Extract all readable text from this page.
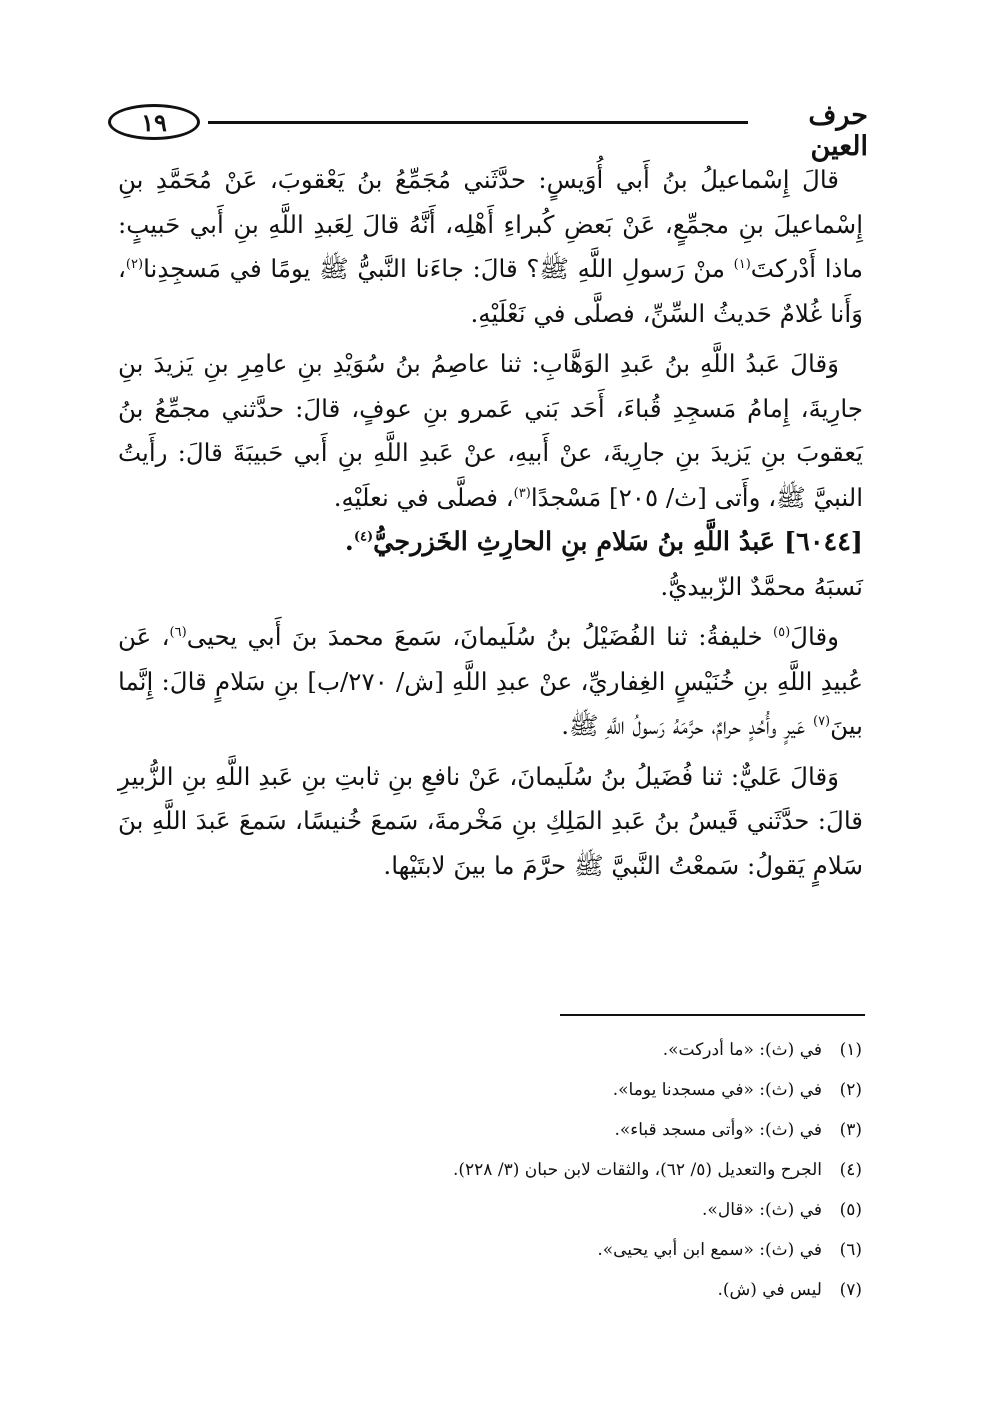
١٩	حرف العين

قالَ إِسْماعيلُ بنُ أَبي أُوَيسٍ: حدَّثَني مُجَمِّعُ بنُ يَعْقوبَ، عَنْ مُحَمَّدِ بنِ إِسْماعيلَ بنِ مجمِّعٍ، عَنْ بَعضِ كُبراءِ أَهْلِه، أَنَّهُ قالَ لِعَبدِ اللَّهِ بنِ أَبي حَبيبٍ: ماذا أَدْركتَ$^{(١)}$ منْ رَسولِ اللَّهِ ﷺ؟ قالَ: جاءَنا النَّبيُّ ﷺ يومًا في مَسجِدِنا$^{(٢)}$، وَأَنا غُلامٌ حَديثُ السِّنِّ، فصلَّى في نَعْلَيْهِ.

وَقالَ عَبدُ اللَّهِ بنُ عَبدِ الوَهَّابِ: ثنا عاصِمُ بنُ سُوَيْدِ بنِ عامِرِ بنِ يَزيدَ بنِ جارِيةَ، إِمامُ مَسجِدِ قُباءَ، أَحَد بَني عَمرو بنِ عوفٍ، قالَ: حدَّثني مجمِّعُ بنُ يَعقوبَ بنِ يَزيدَ بنِ جارِيةَ، عنْ أَبيهِ، عنْ عَبدِ اللَّهِ بنِ أَبي حَبيبَةَ قالَ: رأَيتُ النبيَّ ﷺ، وأَتى [ث/ ٢٠٥] مَسْجدًا$^{(٣)}$، فصلَّى في نعلَيْهِ.

[٦٠٤٤] عَبدُ اللَّهِ بنُ سَلامِ بنِ الحارِثِ الخَزرجيُّ$^{(٤)}$.

نَسبَهُ محمَّدٌ الزّبيديُّ.

وقالَ$^{(٥)}$ خليفةُ: ثنا الفُضَيْلُ بنُ سُلَيمانَ، سَمعَ محمدَ بنَ أَبي يحيى$^{(٦)}$، عَن عُبيدِ اللَّهِ بنِ خُنَيْسٍ الغِفاريِّ، عنْ عبدِ اللَّهِ [ش/ ٢٧٠/ب] بنِ سَلامٍ قالَ: إِنَّما بينَ$^{(٧)}$ عَيرٍ وأُحُدٍ حرامٌ، حرَّمَهُ رَسولُ اللَّهِ ﷺ.

وَقالَ عَليٌّ: ثنا فُضَيلُ بنُ سُلَيمانَ، عَنْ نافعِ بنِ ثابتِ بنِ عَبدِ اللَّهِ بنِ الزُّبيرِ قالَ: حدَّثَني قَيسُ بنُ عَبدِ المَلِكِ بنِ مَخْرمةَ، سَمعَ خُنيسًا، سَمعَ عَبدَ اللَّهِ بنَ سَلامٍ يَقولُ: سَمعْتُ النَّبيَّ ﷺ حرَّمَ ما بينَ لابتَيْها.

(١)
في (ث): «ما أدركت».
(٢)
في (ث): «في مسجدنا يوما».
(٣)
في (ث): «وأتى مسجد قباء».
(٤)
الجرح والتعديل (٥/ ٦٢)، والثقات لابن حبان (٣/ ٢٢٨).
(٥)
في (ث): «قال».
(٦)
في (ث): «سمع ابن أبي يحيى».
(٧)
ليس في (ش).
